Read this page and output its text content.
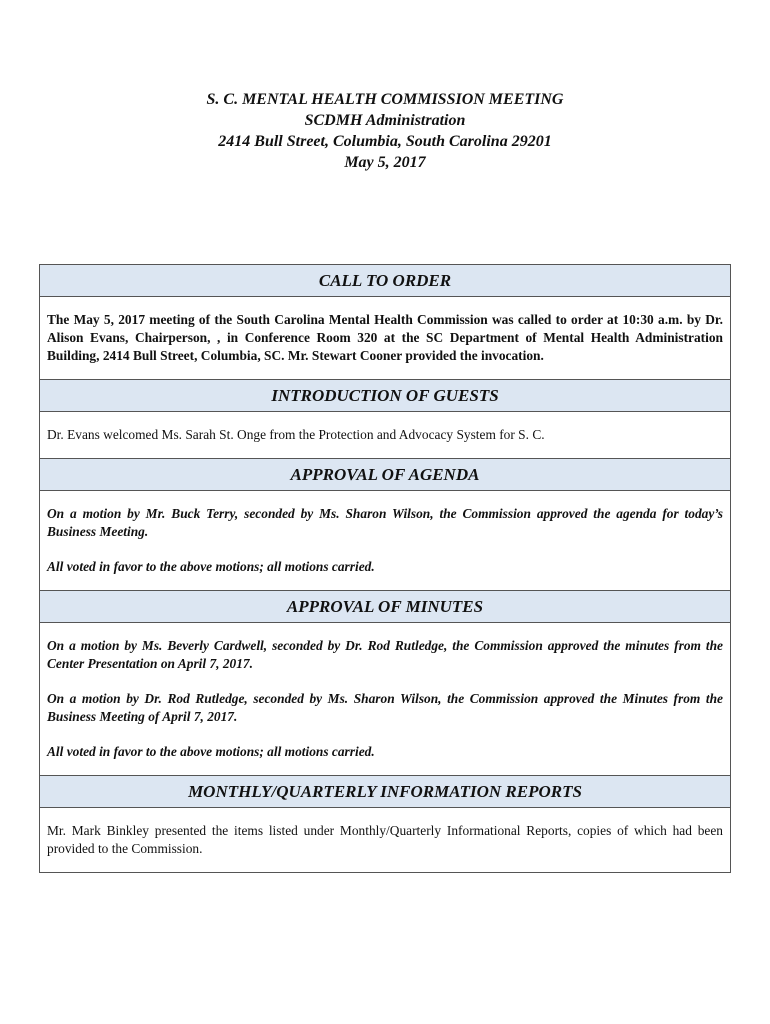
S. C. MENTAL HEALTH COMMISSION MEETING
SCDMH Administration
2414 Bull Street, Columbia, South Carolina 29201
May 5, 2017
CALL TO ORDER

The May 5, 2017 meeting of the South Carolina Mental Health Commission was called to order at 10:30 a.m. by Dr. Alison Evans, Chairperson, , in Conference Room 320 at the SC Department of Mental Health Administration Building, 2414 Bull Street, Columbia, SC. Mr. Stewart Cooner provided the invocation.

INTRODUCTION OF GUESTS

Dr. Evans welcomed Ms. Sarah St. Onge from the Protection and Advocacy System for S. C.

APPROVAL OF AGENDA

On a motion by Mr. Buck Terry, seconded by Ms. Sharon Wilson, the Commission approved the agenda for today’s Business Meeting.

All voted in favor to the above motions; all motions carried.

APPROVAL OF MINUTES

On a motion by Ms. Beverly Cardwell, seconded by Dr. Rod Rutledge, the Commission approved the minutes from the Center Presentation on April 7, 2017.

On a motion by Dr. Rod Rutledge, seconded by Ms. Sharon Wilson, the Commission approved the Minutes from the Business Meeting of April 7, 2017.

All voted in favor to the above motions; all motions carried.

MONTHLY/QUARTERLY INFORMATION REPORTS

Mr. Mark Binkley presented the items listed under Monthly/Quarterly Informational Reports, copies of which had been provided to the Commission.
